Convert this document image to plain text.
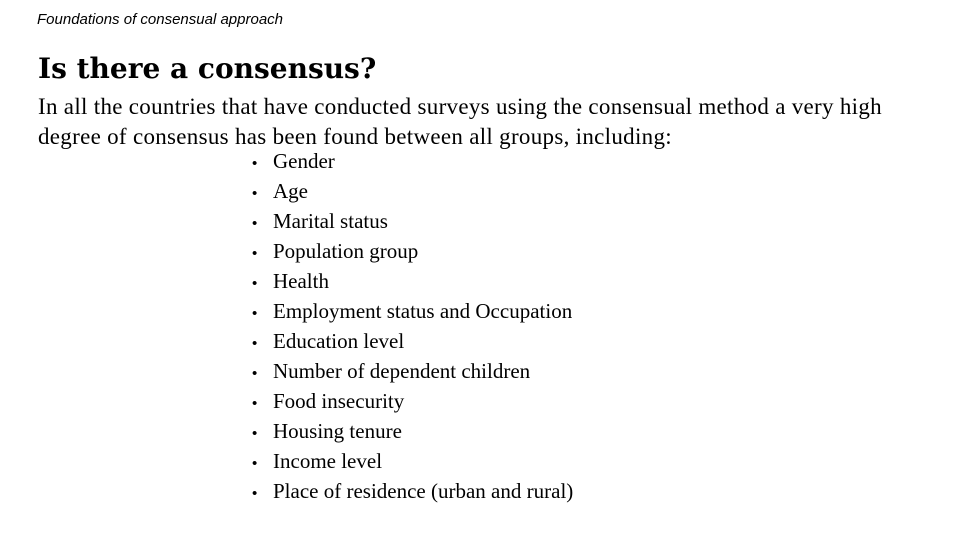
Foundations of consensual approach
Is there a consensus?

In all the countries that have conducted surveys using the consensual method a very high degree of consensus has been found between all groups, including:

• Gender
• Age
• Marital status
• Population group
• Health
• Employment status and Occupation
• Education level
• Number of dependent children
• Food insecurity
• Housing tenure
• Income level
• Place of residence (urban and rural)
